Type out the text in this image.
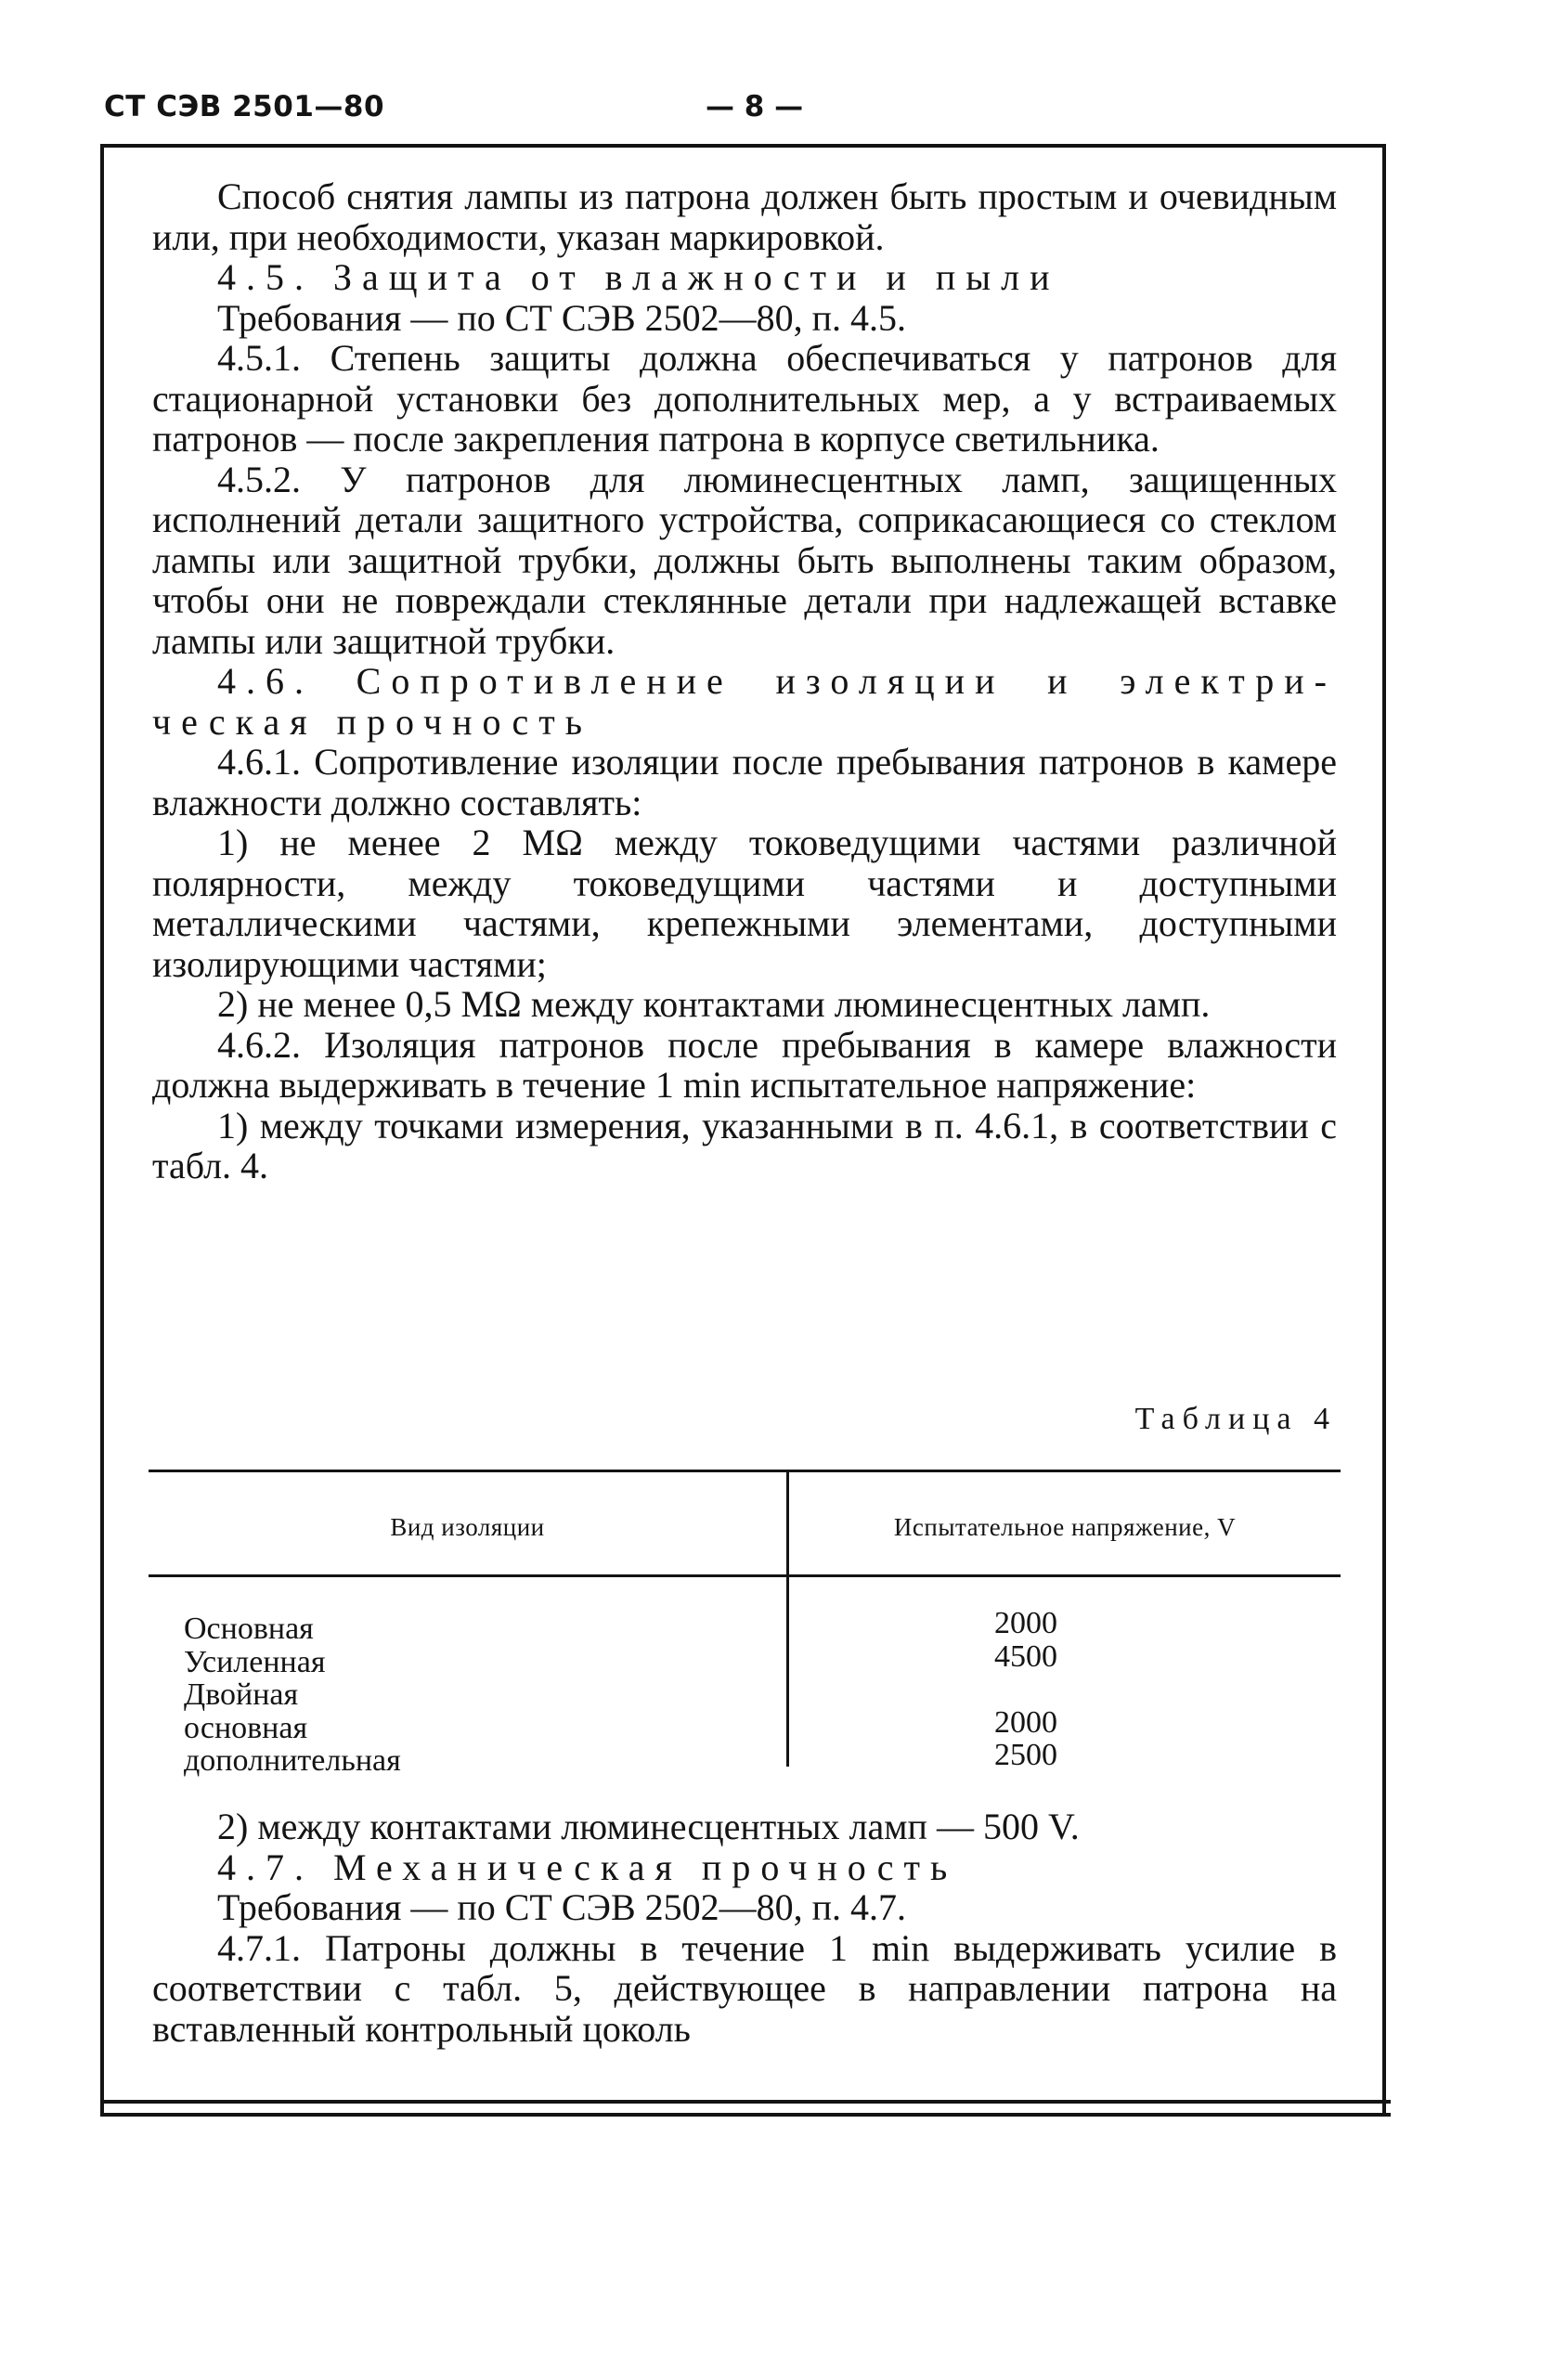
СТ СЭВ 2501—80	— 8 —

Способ снятия лампы из патрона должен быть простым и очевидным или, при необходимости, указан маркировкой.

4.5. Защита от влажности и пыли

Требования — по СТ СЭВ 2502—80, п. 4.5.

4.5.1. Степень защиты должна обеспечиваться у патронов для стационарной установки без дополнительных мер, а у встраиваемых патронов — после закрепления патрона в корпусе светильника.

4.5.2. У патронов для люминесцентных ламп, защищенных исполнений детали защитного устройства, соприкасающиеся со стеклом лампы или защитной трубки, должны быть выполнены таким образом, чтобы они не повреждали стеклянные детали при надлежащей вставке лампы или защитной трубки.

4.6. Сопротивление изоляции и электри-

ческая прочность

4.6.1. Сопротивление изоляции после пребывания патронов в камере влажности должно составлять:

1) не менее 2 MΩ между токоведущими частями различной полярности, между токоведущими частями и доступными металлическими частями, крепежными элементами, доступными изолирующими частями;

2) не менее 0,5 MΩ между контактами люминесцентных ламп.

4.6.2. Изоляция патронов после пребывания в камере влажности должна выдерживать в течение 1 min испытательное напряжение:

1) между точками измерения, указанными в п. 4.6.1, в соответствии с табл. 4.

Таблица 4
Вид изоляции	Испытательное напряжение, V
Основная
Усиленная
Двойная
основная
дополнительная
2000
4500
2000
2500

2) между контактами люминесцентных ламп — 500 V.

4.7. Механическая прочность

Требования — по СТ СЭВ 2502—80, п. 4.7.

4.7.1. Патроны должны в течение 1 min выдерживать усилие в соответствии с табл. 5, действующее в направлении патрона на вставленный контрольный цоколь
